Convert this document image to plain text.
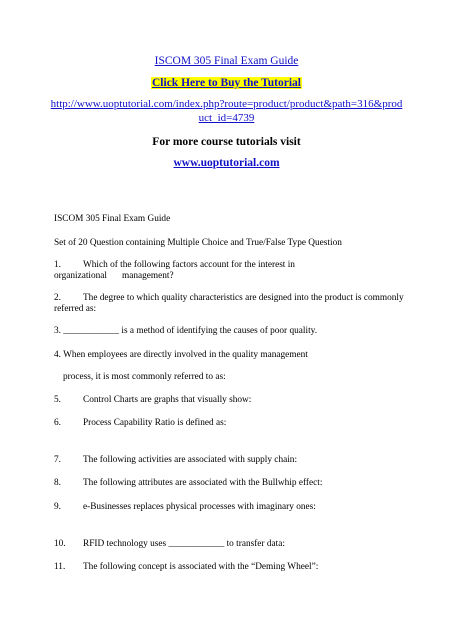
ISCOM 305 Final Exam Guide
Click Here to Buy the Tutorial
http://www.uoptutorial.com/index.php?route=product/product&path=316&prod
uct_id=4739
For more course tutorials visit
www.uoptutorial.com
ISCOM 305 Final Exam Guide
Set of 20 Question containing Multiple Choice and True/False Type Question
1. Which of the following factors account for the interest in
organizational management?
2. The degree to which quality characteristics are designed into the product is commonly
referred as:
3. ____________ is a method of identifying the causes of poor quality.
4. When employees are directly involved in the quality management
process, it is most commonly referred to as:
5. Control Charts are graphs that visually show:
6. Process Capability Ratio is defined as:
7. The following activities are associated with supply chain:
8. The following attributes are associated with the Bullwhip effect:
9. e-Businesses replaces physical processes with imaginary ones:
10. RFID technology uses ____________ to transfer data:
11. The following concept is associated with the “Deming Wheel”:
